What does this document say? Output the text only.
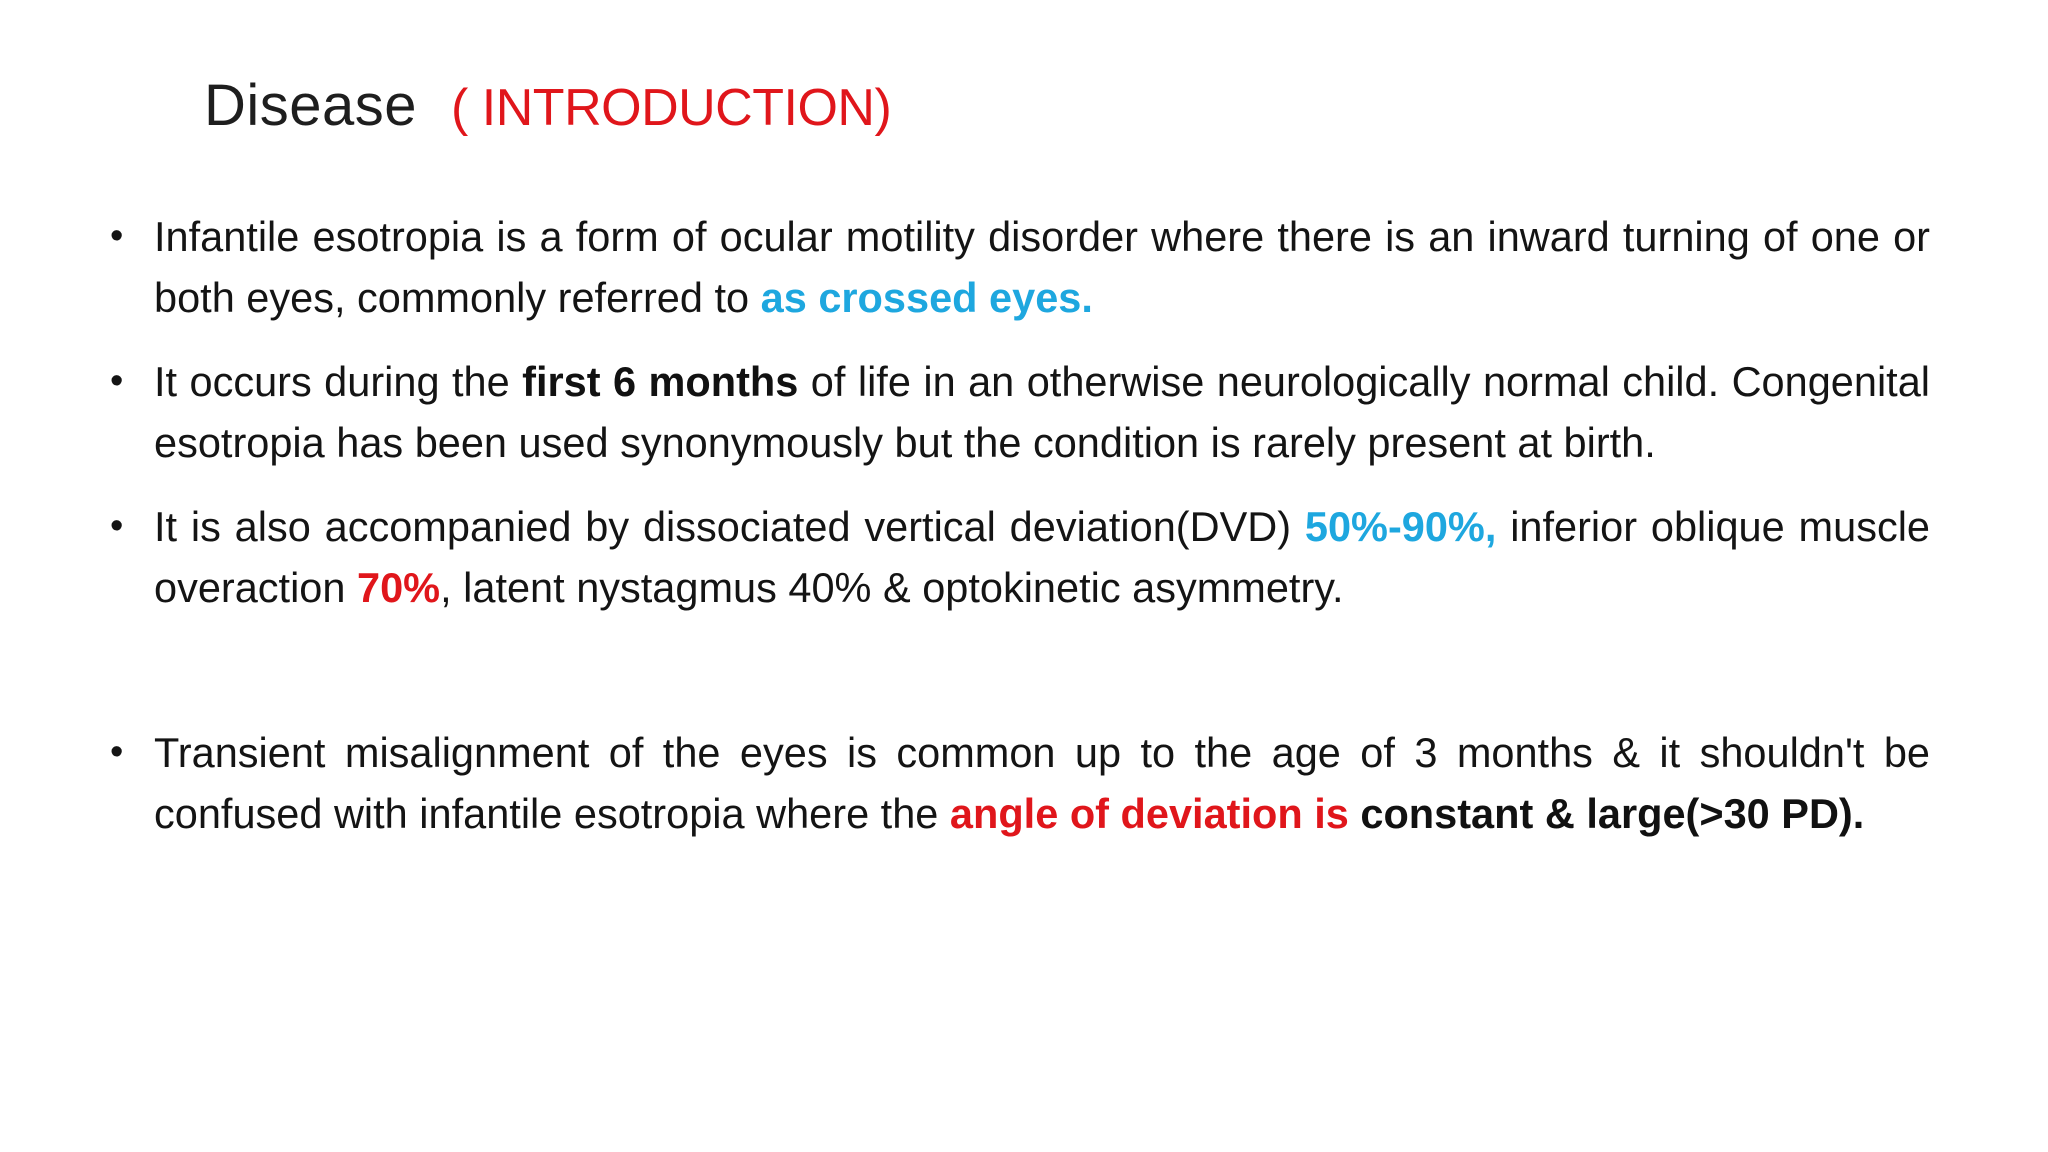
Disease ( INTRODUCTION)
• Infantile esotropia is a form of ocular motility disorder where there is an inward turning of one or both eyes, commonly referred to as crossed eyes.
• It occurs during the first 6 months of life in an otherwise neurologically normal child. Congenital esotropia has been used synonymously but the condition is rarely present at birth.
• It is also accompanied by dissociated vertical deviation(DVD) 50%-90%, inferior oblique muscle overaction 70%, latent nystagmus 40% & optokinetic asymmetry.
• Transient misalignment of the eyes is common up to the age of 3 months & it shouldn't be confused with infantile esotropia where the angle of deviation is constant & large(>30 PD).
